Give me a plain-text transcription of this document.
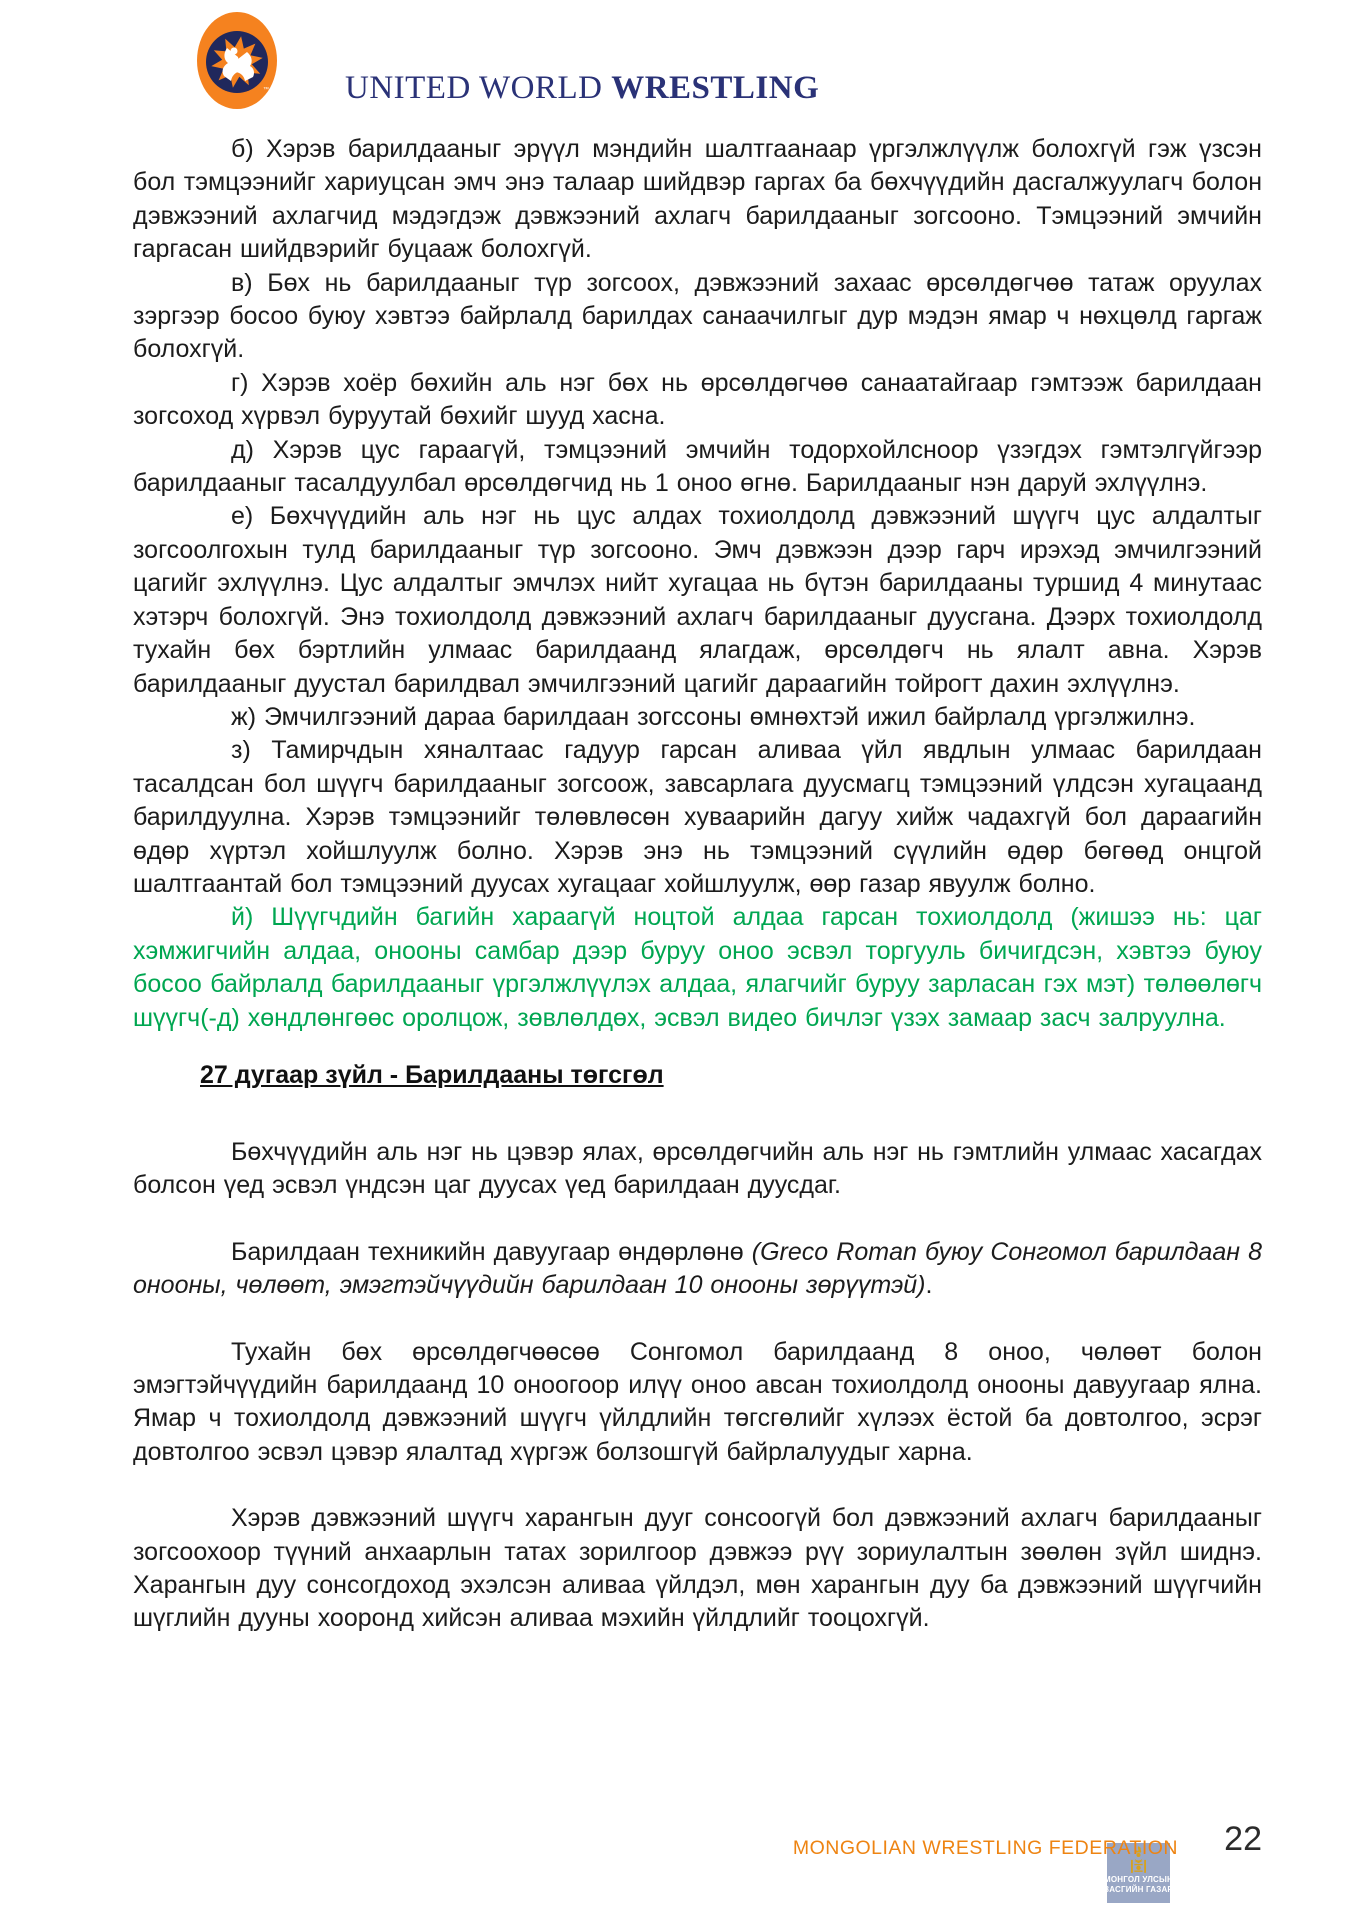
™ UNITED WORLD WRESTLING

б) Хэрэв барилдааныг эрүүл мэндийн шалтгаанаар үргэлжлүүлж болохгүй гэж үзсэн бол тэмцээнийг хариуцсан эмч энэ талаар шийдвэр гаргах ба бөхчүүдийн дасгалжуулагч болон дэвжээний ахлагчид мэдэгдэж дэвжээний ахлагч барилдааныг зогсооно. Тэмцээний эмчийн гаргасан шийдвэрийг буцааж болохгүй.

в) Бөх нь барилдааныг түр зогсоох, дэвжээний захаас өрсөлдөгчөө татаж оруулах зэргээр босоо буюу хэвтээ байрлалд барилдах санаачилгыг дур мэдэн ямар ч нөхцөлд гаргаж болохгүй.

г) Хэрэв хоёр бөхийн аль нэг бөх нь өрсөлдөгчөө санаатайгаар гэмтээж барилдаан зогсоход хүрвэл буруутай бөхийг шууд хасна.

д) Хэрэв цус гараагүй, тэмцээний эмчийн тодорхойлсноор үзэгдэх гэмтэлгүйгээр барилдааныг тасалдуулбал өрсөлдөгчид нь 1 оноо өгнө. Барилдааныг нэн даруй эхлүүлнэ.

е) Бөхчүүдийн аль нэг нь цус алдах тохиолдолд дэвжээний шүүгч цус алдалтыг зогсоолгохын тулд барилдааныг түр зогсооно. Эмч дэвжээн дээр гарч ирэхэд эмчилгээний цагийг эхлүүлнэ. Цус алдалтыг эмчлэх нийт хугацаа нь бүтэн барилдааны туршид 4 минутаас хэтэрч болохгүй. Энэ тохиолдолд дэвжээний ахлагч барилдааныг дуусгана. Дээрх тохиолдолд тухайн бөх бэртлийн улмаас барилдаанд ялагдаж, өрсөлдөгч нь ялалт авна. Хэрэв барилдааныг дуустал барилдвал эмчилгээний цагийг дараагийн тойрогт дахин эхлүүлнэ.

ж) Эмчилгээний дараа барилдаан зогссоны өмнөхтэй ижил байрлалд үргэлжилнэ.

з) Тамирчдын хяналтаас гадуур гарсан аливаа үйл явдлын улмаас барилдаан тасалдсан бол шүүгч барилдааныг зогсоож, завсарлага дуусмагц тэмцээний үлдсэн хугацаанд барилдуулна. Хэрэв тэмцээнийг төлөвлөсөн хуваарийн дагуу хийж чадахгүй бол дараагийн өдөр хүртэл хойшлуулж болно. Хэрэв энэ нь тэмцээний сүүлийн өдөр бөгөөд онцгой шалтгаантай бол тэмцээний дуусах хугацааг хойшлуулж, өөр газар явуулж болно.

й) Шүүгчдийн багийн хараагүй ноцтой алдаа гарсан тохиолдолд (жишээ нь: цаг хэмжигчийн алдаа, онооны самбар дээр буруу оноо эсвэл торгууль бичигдсэн, хэвтээ буюу босоо байрлалд барилдааныг үргэлжлүүлэх алдаа, ялагчийг буруу зарласан гэх мэт) төлөөлөгч шүүгч(-д) хөндлөнгөөс оролцож, зөвлөлдөх, эсвэл видео бичлэг үзэх замаар засч залруулна.

27 дугаар зүйл - Барилдааны төгсгөл

Бөхчүүдийн аль нэг нь цэвэр ялах, өрсөлдөгчийн аль нэг нь гэмтлийн улмаас хасагдах болсон үед эсвэл үндсэн цаг дуусах үед барилдаан дуусдаг.

Барилдаан техникийн давуугаар өндөрлөнө (Greco Roman буюу Сонгомол барилдаан 8 онооны, чөлөөт, эмэгтэйчүүдийн барилдаан 10 онооны зөрүүтэй).

Тухайн бөх өрсөлдөгчөөсөө Сонгомол барилдаанд 8 оноо, чөлөөт болон эмэгтэйчүүдийн барилдаанд 10 оноогоор илүү оноо авсан тохиолдолд онооны давуугаар ялна. Ямар ч тохиолдолд дэвжээний шүүгч үйлдлийн төгсгөлийг хүлээх ёстой ба довтолгоо, эсрэг довтолгоо эсвэл цэвэр ялалтад хүргэж болзошгүй байрлалуудыг харна.

Хэрэв дэвжээний шүүгч харангын дууг сонсоогүй бол дэвжээний ахлагч барилдааныг зогсоохоор түүний анхаарлын татах зорилгоор дэвжээ рүү зориулалтын зөөлөн зүйл шиднэ. Харангын дуу сонсогдоход эхэлсэн аливаа үйлдэл, мөн харангын дуу ба дэвжээний шүүгчийн шүглийн дууны хооронд хийсэн аливаа мэхийн үйлдлийг тооцохгүй.

MONGOLIAN WRESTLING FEDERATION 22
МОНГОЛ УЛСЫН
ЗАСГИЙН ГАЗАР
